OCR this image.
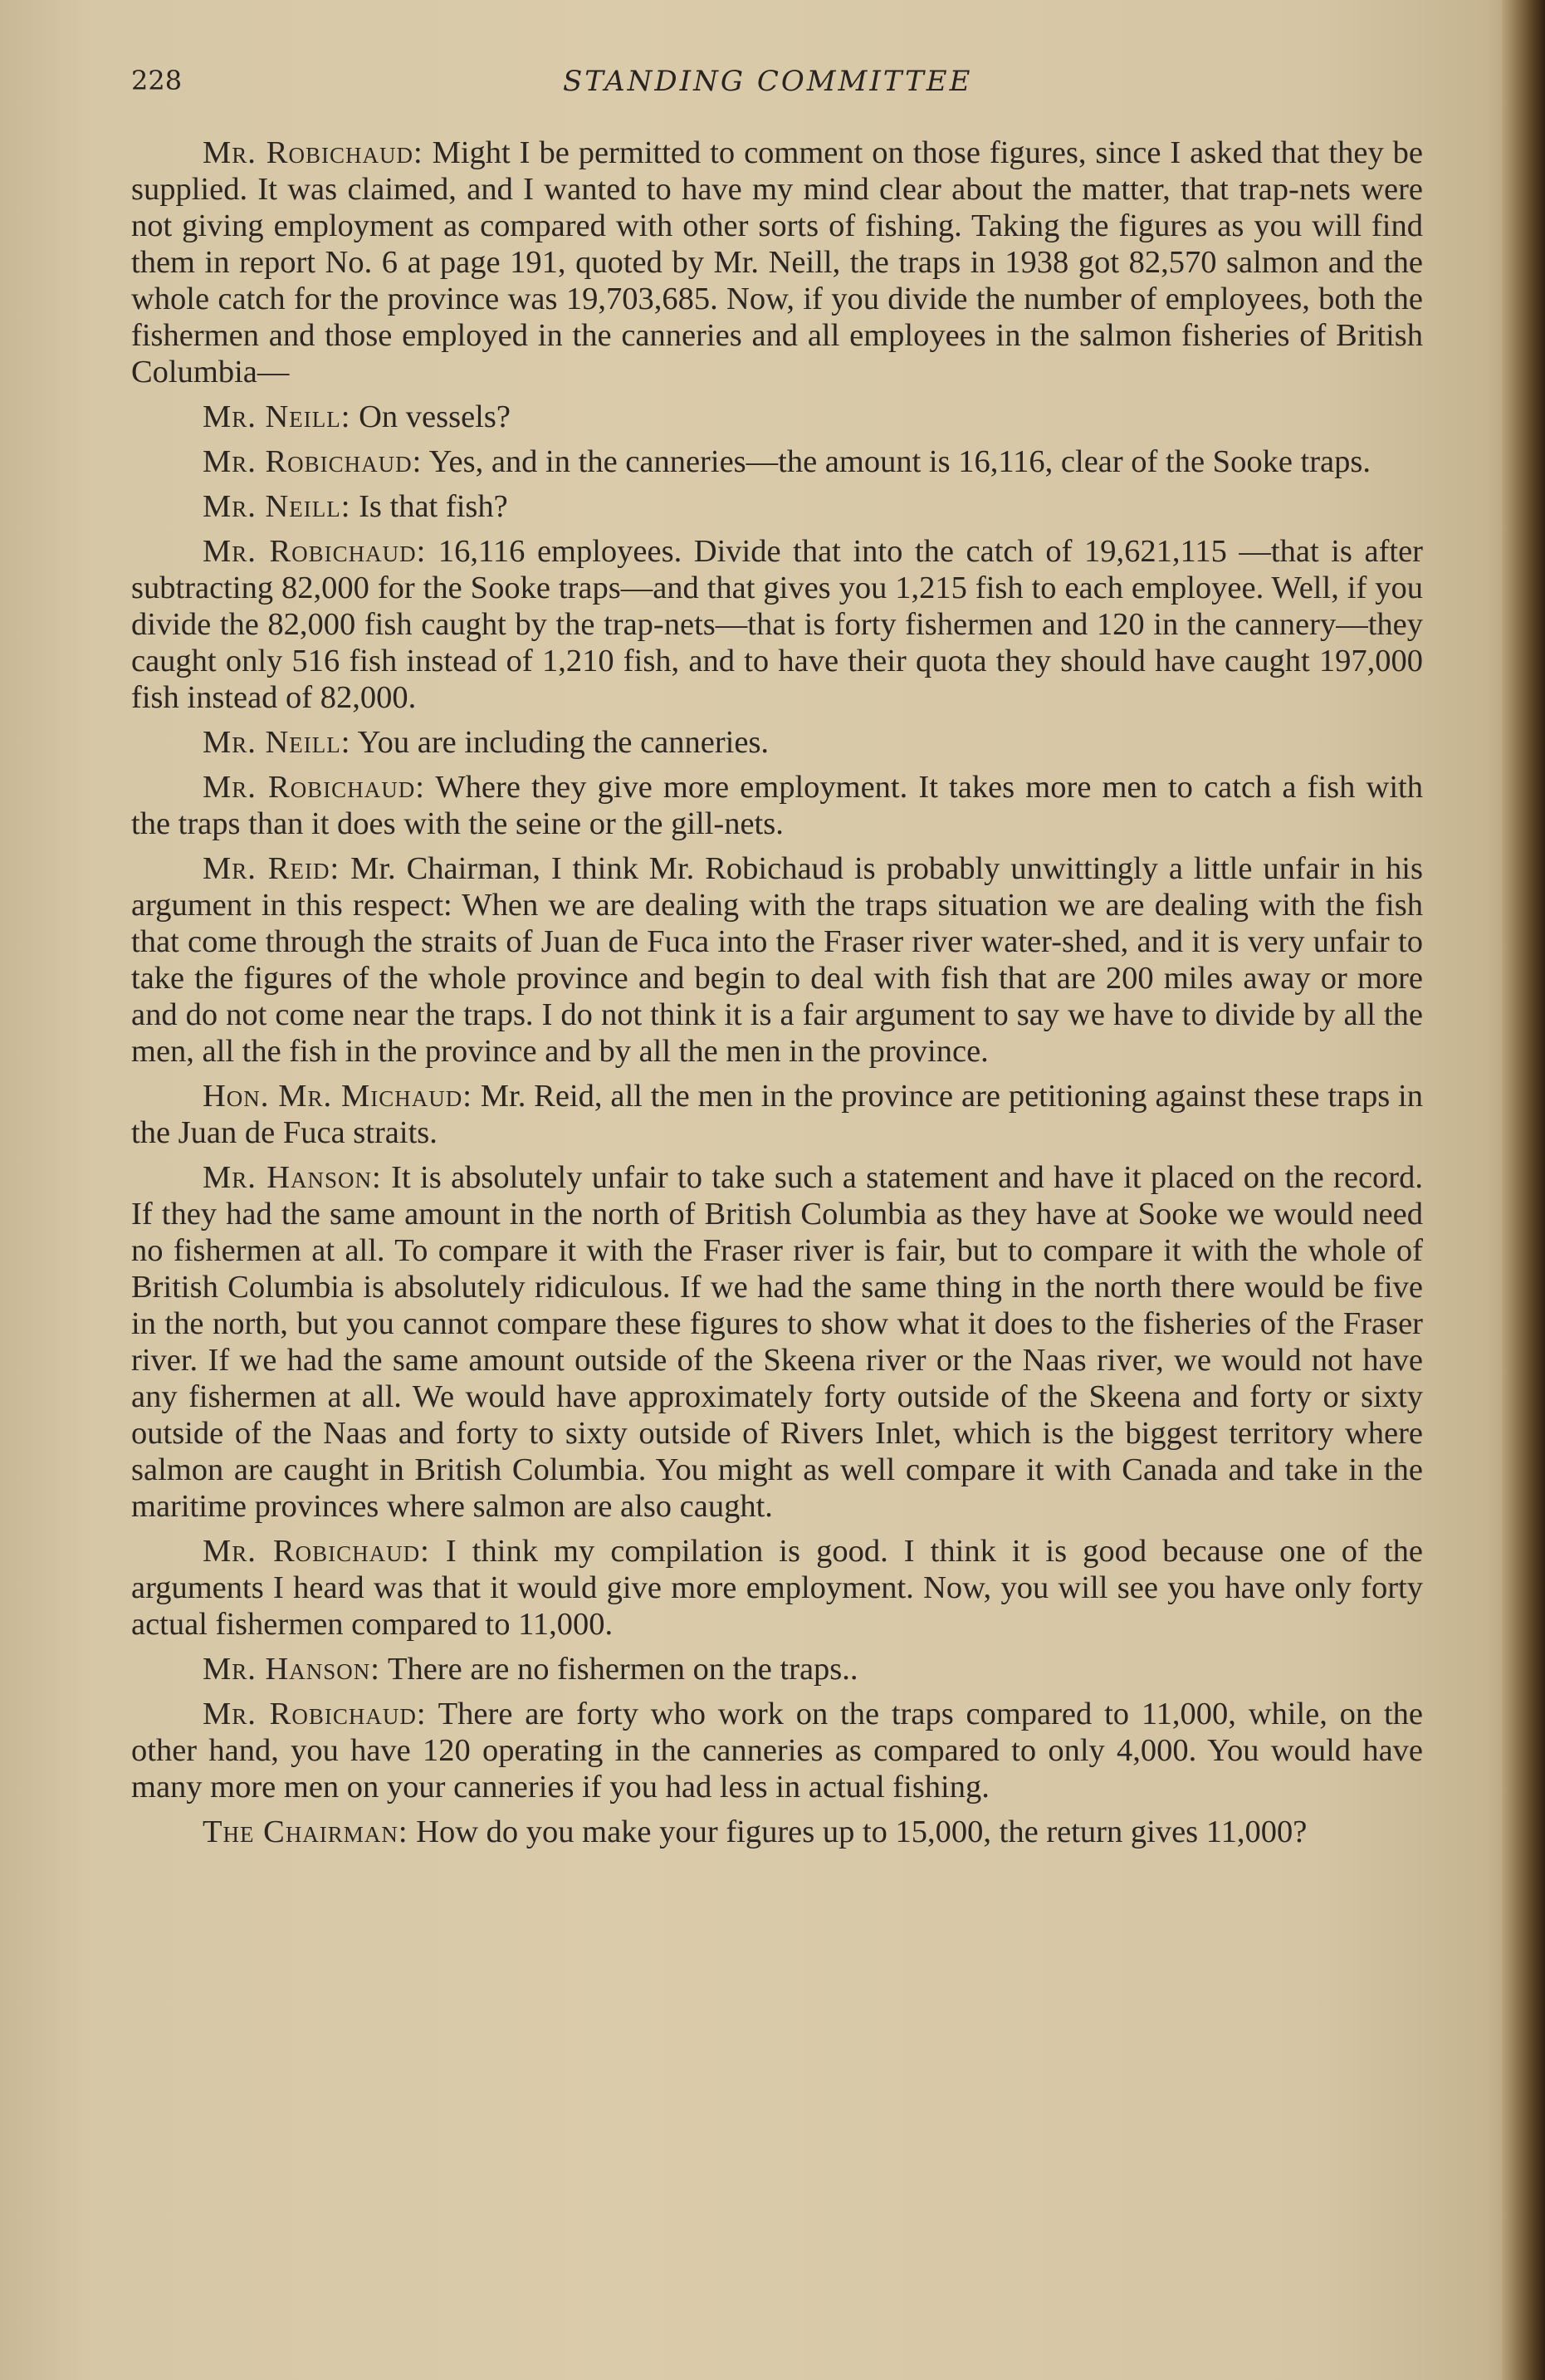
228	STANDING COMMITTEE

Mr. Robichaud: Might I be permitted to comment on those figures, since I asked that they be supplied. It was claimed, and I wanted to have my mind clear about the matter, that trap-nets were not giving employment as compared with other sorts of fishing. Taking the figures as you will find them in report No. 6 at page 191, quoted by Mr. Neill, the traps in 1938 got 82,570 salmon and the whole catch for the province was 19,703,685. Now, if you divide the number of employees, both the fishermen and those employed in the canneries and all employees in the salmon fisheries of British Columbia—

Mr. Neill: On vessels?

Mr. Robichaud: Yes, and in the canneries—the amount is 16,116, clear of the Sooke traps.

Mr. Neill: Is that fish?

Mr. Robichaud: 16,116 employees. Divide that into the catch of 19,621,115 —that is after subtracting 82,000 for the Sooke traps—and that gives you 1,215 fish to each employee. Well, if you divide the 82,000 fish caught by the trap-nets—that is forty fishermen and 120 in the cannery—they caught only 516 fish instead of 1,210 fish, and to have their quota they should have caught 197,000 fish instead of 82,000.

Mr. Neill: You are including the canneries.

Mr. Robichaud: Where they give more employment. It takes more men to catch a fish with the traps than it does with the seine or the gill-nets.

Mr. Reid: Mr. Chairman, I think Mr. Robichaud is probably unwittingly a little unfair in his argument in this respect: When we are dealing with the traps situation we are dealing with the fish that come through the straits of Juan de Fuca into the Fraser river water-shed, and it is very unfair to take the figures of the whole province and begin to deal with fish that are 200 miles away or more and do not come near the traps. I do not think it is a fair argument to say we have to divide by all the men, all the fish in the province and by all the men in the province.

Hon. Mr. Michaud: Mr. Reid, all the men in the province are petitioning against these traps in the Juan de Fuca straits.

Mr. Hanson: It is absolutely unfair to take such a statement and have it placed on the record. If they had the same amount in the north of British Columbia as they have at Sooke we would need no fishermen at all. To compare it with the Fraser river is fair, but to compare it with the whole of British Columbia is absolutely ridiculous. If we had the same thing in the north there would be five in the north, but you cannot compare these figures to show what it does to the fisheries of the Fraser river. If we had the same amount outside of the Skeena river or the Naas river, we would not have any fishermen at all. We would have approximately forty outside of the Skeena and forty or sixty outside of the Naas and forty to sixty outside of Rivers Inlet, which is the biggest territory where salmon are caught in British Columbia. You might as well compare it with Canada and take in the maritime provinces where salmon are also caught.

Mr. Robichaud: I think my compilation is good. I think it is good because one of the arguments I heard was that it would give more employment. Now, you will see you have only forty actual fishermen compared to 11,000.

Mr. Hanson: There are no fishermen on the traps..

Mr. Robichaud: There are forty who work on the traps compared to 11,000, while, on the other hand, you have 120 operating in the canneries as compared to only 4,000. You would have many more men on your canneries if you had less in actual fishing.

The Chairman: How do you make your figures up to 15,000, the return gives 11,000?
